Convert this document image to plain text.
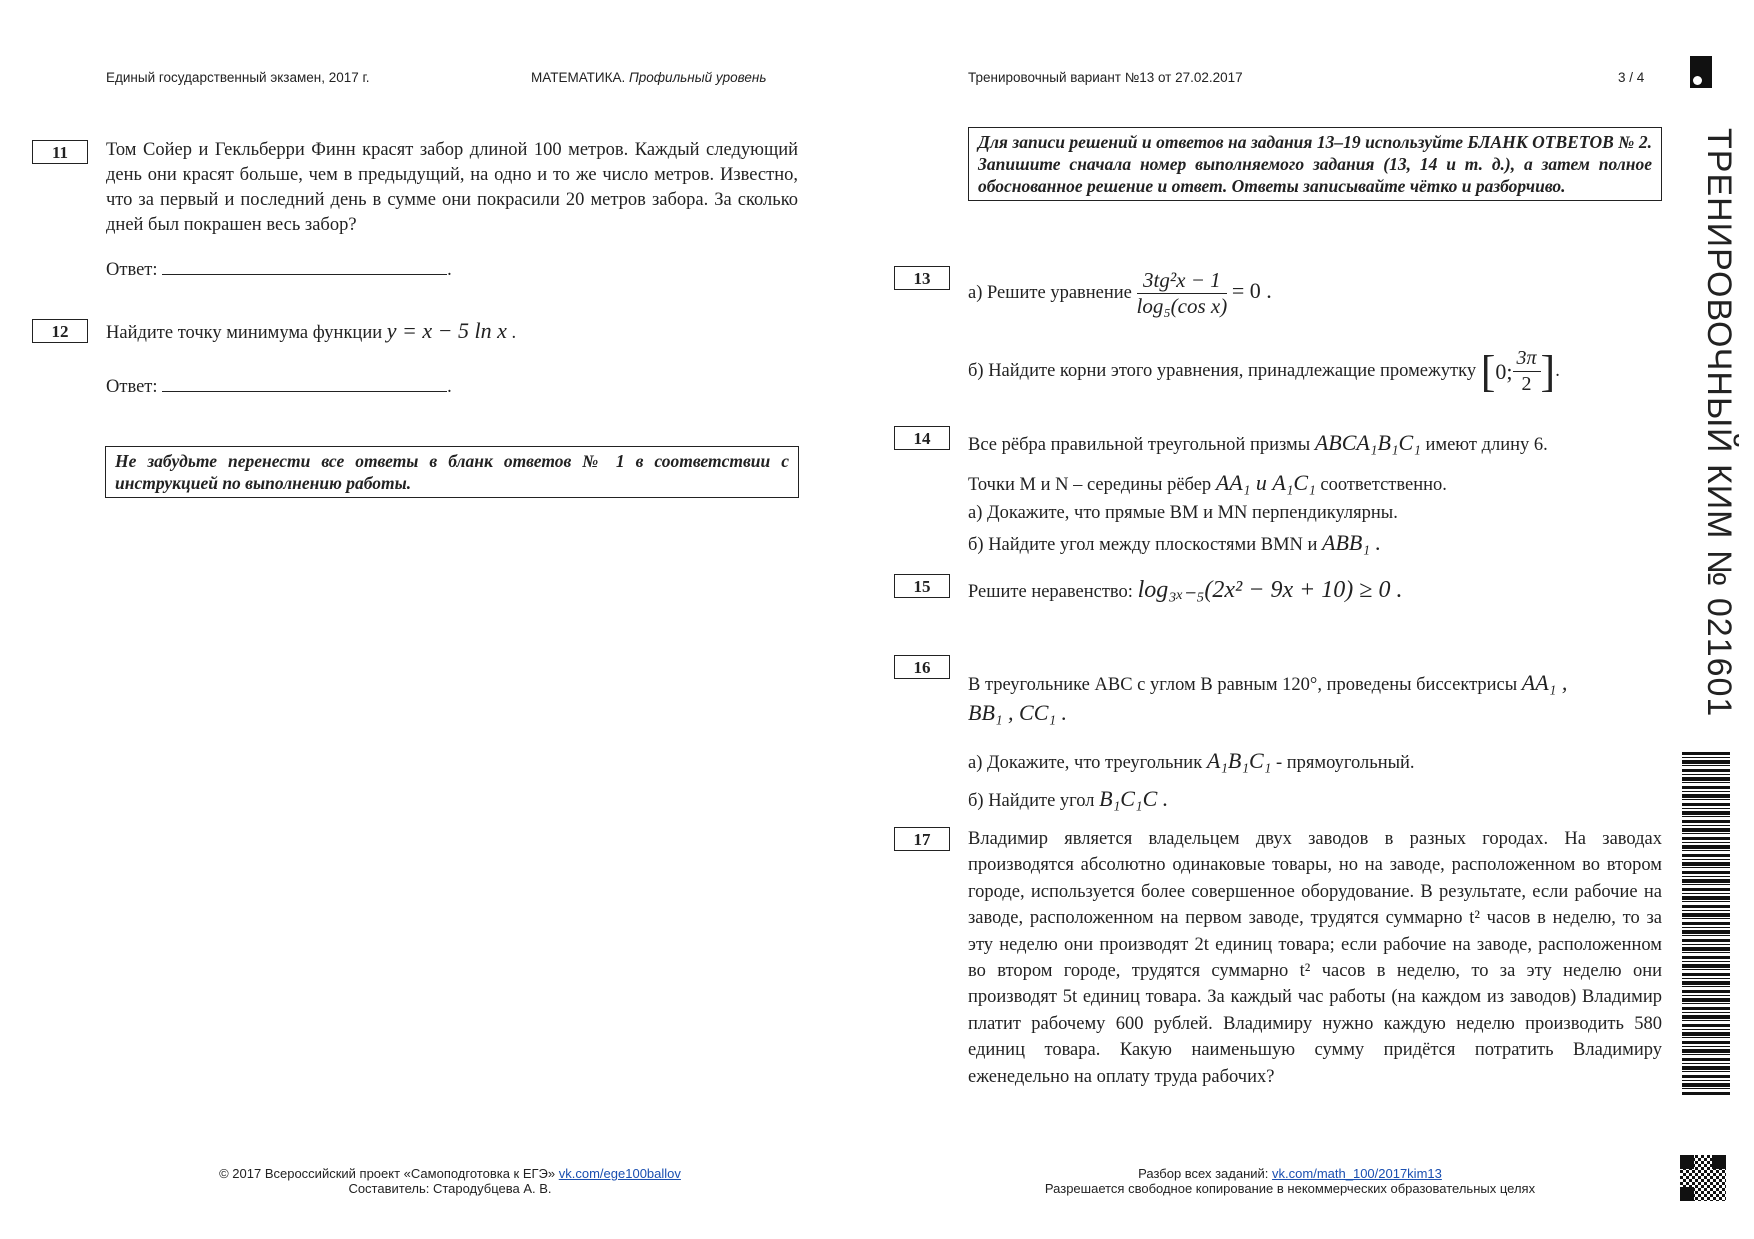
Единый государственный экзамен, 2017 г.	МАТЕМАТИКА. Профильный уровень	Тренировочный вариант №13 от 27.02.2017	3 / 4
11	Том Сойер и Гекльберри Финн красят забор длиной 100 метров. Каждый следующий день они красят больше, чем в предыдущий, на одно и то же число метров. Известно, что за первый и последний день в сумме они покрасили 20 метров забора. За сколько дней был покрашен весь забор?
Ответ:	.
12	Найдите точку минимума функции y = x − 5 ln x .
Ответ:	.
Не забудьте перенести все ответы в бланк ответов № 1 в соответствии с инструкцией по выполнению работы.
Для записи решений и ответов на задания 13–19 используйте БЛАНК ОТВЕТОВ № 2. Запишите сначала номер выполняемого задания (13, 14 и т. д.), а затем полное обоснованное решение и ответ. Ответы записывайте чётко и разборчиво.
13
а) Решите уравнение $\frac{\text{3tg²x − 1}}{\text{log₅(cos x)}} = 0$ .
б) Найдите корни этого уравнения, принадлежащие промежутку [0; $\frac{3\pi}{2}$ ].
14	Все рёбра правильной треугольной призмы ABCA₁B₁C₁ имеют длину 6.
Точки M и N – середины рёбер AA₁ и A₁C₁ соответственно.
а) Докажите, что прямые BM и MN перпендикулярны.
б) Найдите угол между плоскостями BMN и ABB₁ .
15	Решите неравенство: log₃ₓ₋₅(2x² − 9x + 10) ≥ 0 .
16
В треугольнике ABC с углом B равным 120°, проведены биссектрисы AA₁ ,
BB₁ , CC₁ .
а) Докажите, что треугольник A₁B₁C₁ - прямоугольный.
б) Найдите угол B₁C₁C .
17	Владимир является владельцем двух заводов в разных городах. На заводах производятся абсолютно одинаковые товары, но на заводе, расположенном во втором городе, используется более совершенное оборудование. В результате, если рабочие на заводе, расположенном на первом заводе, трудятся суммарно t² часов в неделю, то за эту неделю они производят 2t единиц товара; если рабочие на заводе, расположенном во втором городе, трудятся суммарно t² часов в неделю, то за эту неделю они производят 5t единиц товара. За каждый час работы (на каждом из заводов) Владимир платит рабочему 600 рублей. Владимиру нужно каждую неделю производить 580 единиц товара. Какую наименьшую сумму придётся потратить Владимиру еженедельно на оплату труда рабочих?
ТРЕНИРОВОЧНЫЙ КИМ № 021601
© 2017 Всероссийский проект «Самоподготовка к ЕГЭ» vk.com/ege100ballov
Составитель: Стародубцева А. В.
Разбор всех заданий: vk.com/math_100/2017kim13
Разрешается свободное копирование в некоммерческих образовательных целях
